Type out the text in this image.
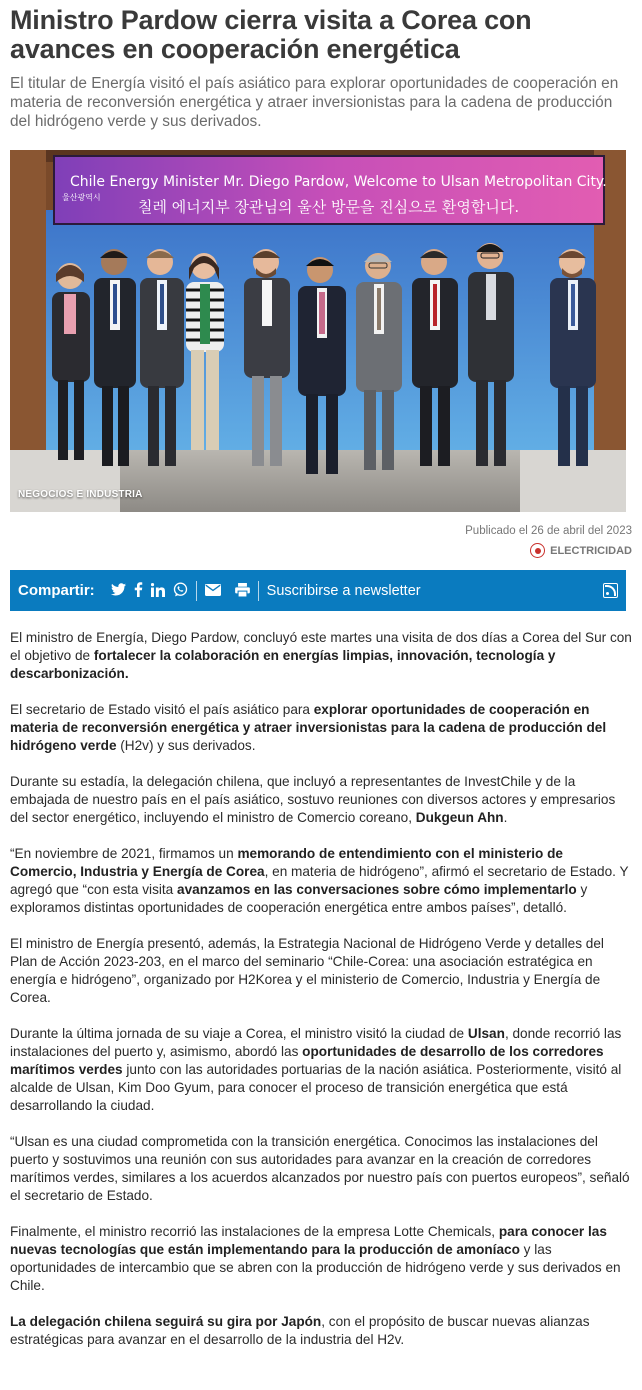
Ministro Pardow cierra visita a Corea con avances en cooperación energética

El titular de Energía visitó el país asiático para explorar oportunidades de cooperación en materia de reconversión energética y atraer inversionistas para la cadena de producción del hidrógeno verde y sus derivados.

Chile Energy Minister Mr. Diego Pardow, Welcome to Ulsan Metropolitan City.
칠레 에너지부 장관님의 울산 방문을 진심으로 환영합니다.
울산광역시
NEGOCIOS E INDUSTRIA
Publicado el 26 de abril del 2023
ELECTRICIDAD
Compartir:	Suscribirse a newsletter

El ministro de Energía, Diego Pardow, concluyó este martes una visita de dos días a Corea del Sur con el objetivo de fortalecer la colaboración en energías limpias, innovación, tecnología y descarbonización.

El secretario de Estado visitó el país asiático para explorar oportunidades de cooperación en materia de reconversión energética y atraer inversionistas para la cadena de producción del hidrógeno verde (H2v) y sus derivados.

Durante su estadía, la delegación chilena, que incluyó a representantes de InvestChile y de la embajada de nuestro país en el país asiático, sostuvo reuniones con diversos actores y empresarios del sector energético, incluyendo el ministro de Comercio coreano, Dukgeun Ahn.

“En noviembre de 2021, firmamos un memorando de entendimiento con el ministerio de Comercio, Industria y Energía de Corea, en materia de hidrógeno”, afirmó el secretario de Estado. Y agregó que “con esta visita avanzamos en las conversaciones sobre cómo implementarlo y exploramos distintas oportunidades de cooperación energética entre ambos países”, detalló.

El ministro de Energía presentó, además, la Estrategia Nacional de Hidrógeno Verde y detalles del Plan de Acción 2023-203, en el marco del seminario “Chile-Corea: una asociación estratégica en energía e hidrógeno”, organizado por H2Korea y el ministerio de Comercio, Industria y Energía de Corea.

Durante la última jornada de su viaje a Corea, el ministro visitó la ciudad de Ulsan, donde recorrió las instalaciones del puerto y, asimismo, abordó las oportunidades de desarrollo de los corredores marítimos verdes junto con las autoridades portuarias de la nación asiática. Posteriormente, visitó al alcalde de Ulsan, Kim Doo Gyum, para conocer el proceso de transición energética que está desarrollando la ciudad.

“Ulsan es una ciudad comprometida con la transición energética. Conocimos las instalaciones del puerto y sostuvimos una reunión con sus autoridades para avanzar en la creación de corredores marítimos verdes, similares a los acuerdos alcanzados por nuestro país con puertos europeos”, señaló el secretario de Estado.

Finalmente, el ministro recorrió las instalaciones de la empresa Lotte Chemicals, para conocer las nuevas tecnologías que están implementando para la producción de amoníaco y las oportunidades de intercambio que se abren con la producción de hidrógeno verde y sus derivados en Chile.

La delegación chilena seguirá su gira por Japón, con el propósito de buscar nuevas alianzas estratégicas para avanzar en el desarrollo de la industria del H2v.
